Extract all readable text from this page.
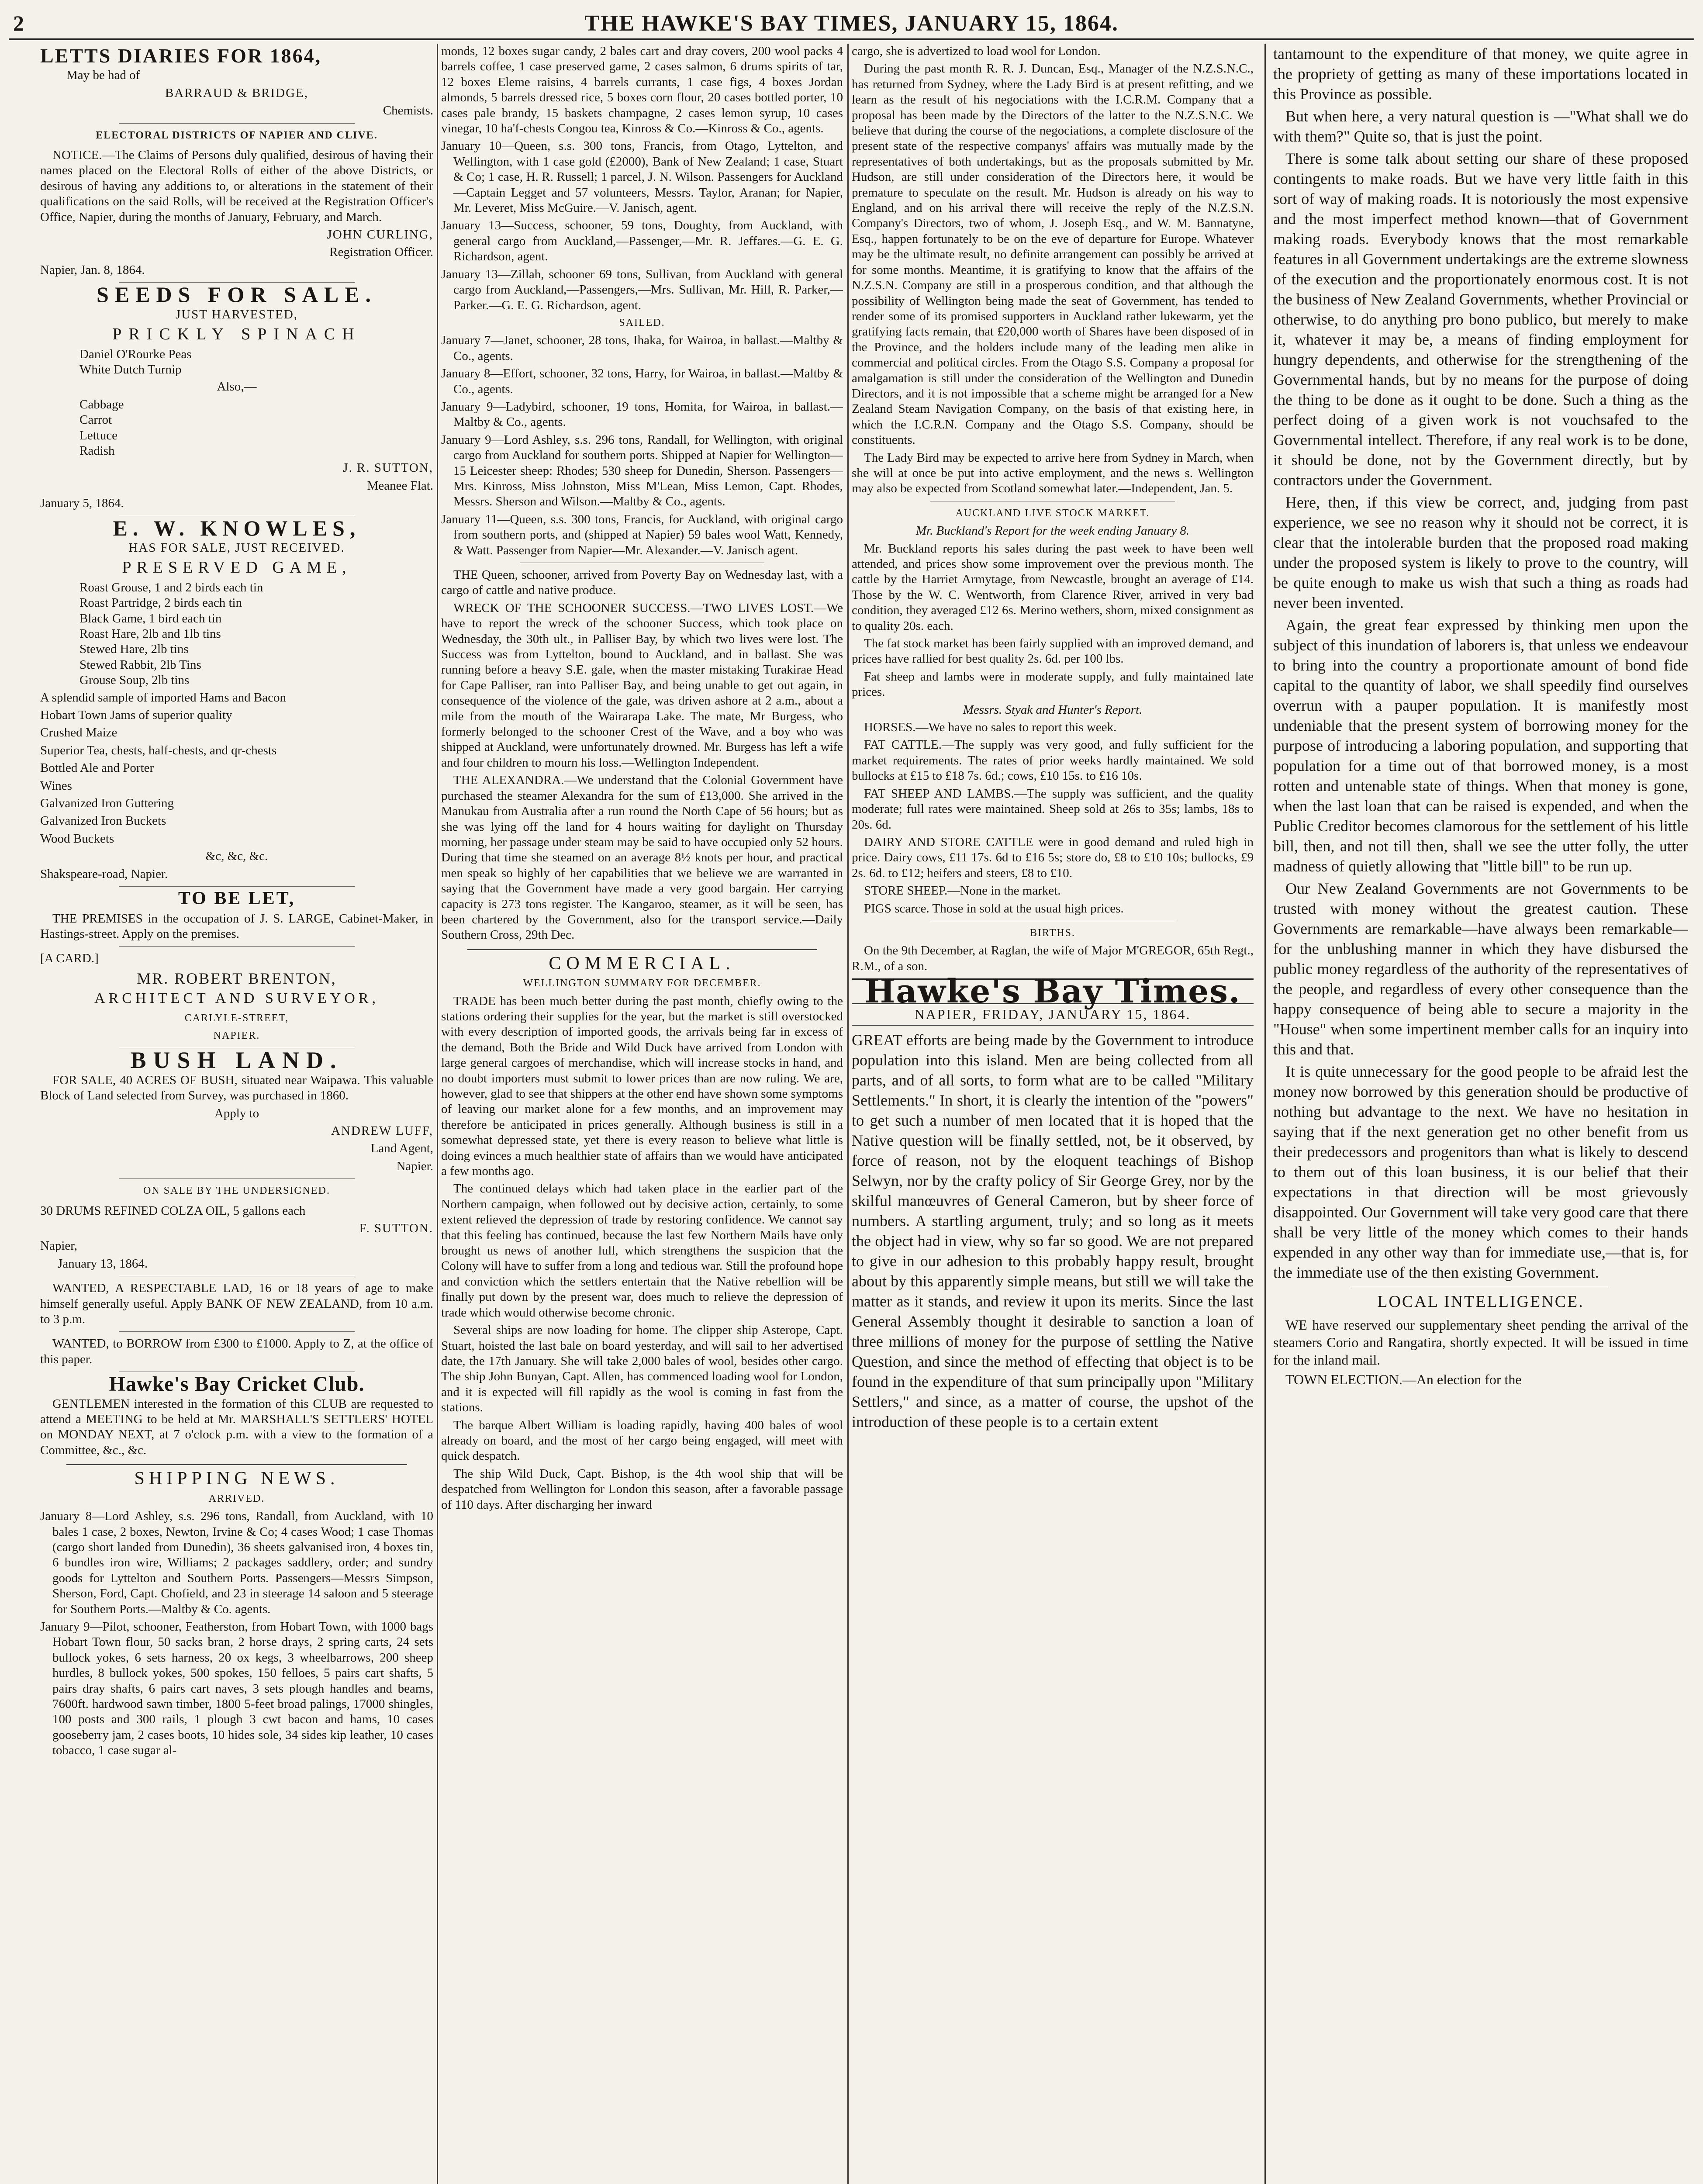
2	THE HAWKE'S BAY TIMES, JANUARY 15, 1864.
LETTS DIARIES FOR 1864,

May be had of

BARRAUD & BRIDGE,

Chemists.

ELECTORAL DISTRICTS OF NAPIER AND CLIVE.

NOTICE.—The Claims of Persons duly qualified, desirous of having their names placed on the Electoral Rolls of either of the above Districts, or desirous of having any additions to, or alterations in the statement of their qualifications on the said Rolls, will be received at the Registration Officer's Office, Napier, during the months of January, February, and March.

JOHN CURLING,

Registration Officer.

Napier, Jan. 8, 1864.

SEEDS FOR SALE.

JUST HARVESTED,

PRICKLY SPINACH
Daniel O'Rourke Peas
White Dutch Turnip

Also,—

Cabbage
Carrot
Lettuce
Radish

J. R. SUTTON,

Meanee Flat.

January 5, 1864.

E. W. KNOWLES,

HAS FOR SALE, JUST RECEIVED.

PRESERVED GAME,
Roast Grouse, 1 and 2 birds each tin
Roast Partridge, 2 birds each tin
Black Game, 1 bird each tin
Roast Hare, 2lb and 1lb tins
Stewed Hare, 2lb tins
Stewed Rabbit, 2lb Tins
Grouse Soup, 2lb tins

A splendid sample of imported Hams and Bacon

Hobart Town Jams of superior quality

Crushed Maize

Superior Tea, chests, half-chests, and qr-chests

Bottled Ale and Porter

Wines

Galvanized Iron Guttering

Galvanized Iron Buckets

Wood Buckets

&c, &c, &c.

Shakspeare-road, Napier.

TO BE LET,

THE PREMISES in the occupation of J. S. LARGE, Cabinet-Maker, in Hastings-street. Apply on the premises.

[A CARD.]

MR. ROBERT BRENTON,
ARCHITECT AND SURVEYOR,

CARLYLE-STREET,

NAPIER.

BUSH LAND.

FOR SALE, 40 ACRES OF BUSH, situated near Waipawa. This valuable Block of Land selected from Survey, was purchased in 1860.

Apply to

ANDREW LUFF,

Land Agent,

Napier.

ON SALE BY THE UNDERSIGNED.

30 DRUMS REFINED COLZA OIL, 5 gallons each

F. SUTTON.

Napier,

January 13, 1864.

WANTED, A RESPECTABLE LAD, 16 or 18 years of age to make himself generally useful. Apply BANK OF NEW ZEALAND, from 10 a.m. to 3 p.m.

WANTED, to BORROW from £300 to £1000. Apply to Z, at the office of this paper.

Hawke's Bay Cricket Club.

GENTLEMEN interested in the formation of this CLUB are requested to attend a MEETING to be held at Mr. MARSHALL'S SETTLERS' HOTEL on MONDAY NEXT, at 7 o'clock p.m. with a view to the formation of a Committee, &c., &c.

SHIPPING NEWS.

ARRIVED.

January 8—Lord Ashley, s.s. 296 tons, Randall, from Auckland, with 10 bales 1 case, 2 boxes, Newton, Irvine & Co; 4 cases Wood; 1 case Thomas (cargo short landed from Dunedin), 36 sheets galvanised iron, 4 boxes tin, 6 bundles iron wire, Williams; 2 packages saddlery, order; and sundry goods for Lyttelton and Southern Ports. Passengers—Messrs Simpson, Sherson, Ford, Capt. Chofield, and 23 in steerage 14 saloon and 5 steerage for Southern Ports.—Maltby & Co. agents.

January 9—Pilot, schooner, Featherston, from Hobart Town, with 1000 bags Hobart Town flour, 50 sacks bran, 2 horse drays, 2 spring carts, 24 sets bullock yokes, 6 sets harness, 20 ox kegs, 3 wheelbarrows, 200 sheep hurdles, 8 bullock yokes, 500 spokes, 150 felloes, 5 pairs cart shafts, 5 pairs dray shafts, 6 pairs cart naves, 3 sets plough handles and beams, 7600ft. hardwood sawn timber, 1800 5-feet broad palings, 17000 shingles, 100 posts and 300 rails, 1 plough 3 cwt bacon and hams, 10 cases gooseberry jam, 2 cases boots, 10 hides sole, 34 sides kip leather, 10 cases tobacco, 1 case sugar al-

monds, 12 boxes sugar candy, 2 bales cart and dray covers, 200 wool packs 4 barrels coffee, 1 case preserved game, 2 cases salmon, 6 drums spirits of tar, 12 boxes Eleme raisins, 4 barrels currants, 1 case figs, 4 boxes Jordan almonds, 5 barrels dressed rice, 5 boxes corn flour, 20 cases bottled porter, 10 cases pale brandy, 15 baskets champagne, 2 cases lemon syrup, 10 cases vinegar, 10 ha'f-chests Congou tea, Kinross & Co.—Kinross & Co., agents.

January 10—Queen, s.s. 300 tons, Francis, from Otago, Lyttelton, and Wellington, with 1 case gold (£2000), Bank of New Zealand; 1 case, Stuart & Co; 1 case, H. R. Russell; 1 parcel, J. N. Wilson. Passengers for Auckland—Captain Legget and 57 volunteers, Messrs. Taylor, Aranan; for Napier, Mr. Leveret, Miss McGuire.—V. Janisch, agent.

January 13—Success, schooner, 59 tons, Doughty, from Auckland, with general cargo from Auckland,—Passenger,—Mr. R. Jeffares.—G. E. G. Richardson, agent.

January 13—Zillah, schooner 69 tons, Sullivan, from Auckland with general cargo from Auckland,—Passengers,—Mrs. Sullivan, Mr. Hill, R. Parker,—Parker.—G. E. G. Richardson, agent.

SAILED.

January 7—Janet, schooner, 28 tons, Ihaka, for Wairoa, in ballast.—Maltby & Co., agents.

January 8—Effort, schooner, 32 tons, Harry, for Wairoa, in ballast.—Maltby & Co., agents.

January 9—Ladybird, schooner, 19 tons, Homita, for Wairoa, in ballast.—Maltby & Co., agents.

January 9—Lord Ashley, s.s. 296 tons, Randall, for Wellington, with original cargo from Auckland for southern ports. Shipped at Napier for Wellington—15 Leicester sheep: Rhodes; 530 sheep for Dunedin, Sherson. Passengers—Mrs. Kinross, Miss Johnston, Miss M'Lean, Miss Lemon, Capt. Rhodes, Messrs. Sherson and Wilson.—Maltby & Co., agents.

January 11—Queen, s.s. 300 tons, Francis, for Auckland, with original cargo from southern ports, and (shipped at Napier) 59 bales wool Watt, Kennedy, & Watt. Passenger from Napier—Mr. Alexander.—V. Janisch agent.

THE Queen, schooner, arrived from Poverty Bay on Wednesday last, with a cargo of cattle and native produce.

WRECK OF THE SCHOONER SUCCESS.—TWO LIVES LOST.—We have to report the wreck of the schooner Success, which took place on Wednesday, the 30th ult., in Palliser Bay, by which two lives were lost. The Success was from Lyttelton, bound to Auckland, and in ballast. She was running before a heavy S.E. gale, when the master mistaking Turakirae Head for Cape Palliser, ran into Palliser Bay, and being unable to get out again, in consequence of the violence of the gale, was driven ashore at 2 a.m., about a mile from the mouth of the Wairarapa Lake. The mate, Mr Burgess, who formerly belonged to the schooner Crest of the Wave, and a boy who was shipped at Auckland, were unfortunately drowned. Mr. Burgess has left a wife and four children to mourn his loss.—Wellington Independent.

THE ALEXANDRA.—We understand that the Colonial Government have purchased the steamer Alexandra for the sum of £13,000. She arrived in the Manukau from Australia after a run round the North Cape of 56 hours; but as she was lying off the land for 4 hours waiting for daylight on Thursday morning, her passage under steam may be said to have occupied only 52 hours. During that time she steamed on an average 8½ knots per hour, and practical men speak so highly of her capabilities that we believe we are warranted in saying that the Government have made a very good bargain. Her carrying capacity is 273 tons register. The Kangaroo, steamer, as it will be seen, has been chartered by the Government, also for the transport service.—Daily Southern Cross, 29th Dec.

COMMERCIAL.

WELLINGTON SUMMARY FOR DECEMBER.

TRADE has been much better during the past month, chiefly owing to the stations ordering their supplies for the year, but the market is still overstocked with every description of imported goods, the arrivals being far in excess of the demand, Both the Bride and Wild Duck have arrived from London with large general cargoes of merchandise, which will increase stocks in hand, and no doubt importers must submit to lower prices than are now ruling. We are, however, glad to see that shippers at the other end have shown some symptoms of leaving our market alone for a few months, and an improvement may therefore be anticipated in prices generally. Although business is still in a somewhat depressed state, yet there is every reason to believe what little is doing evinces a much healthier state of affairs than we would have anticipated a few months ago.

The continued delays which had taken place in the earlier part of the Northern campaign, when followed out by decisive action, certainly, to some extent relieved the depression of trade by restoring confidence. We cannot say that this feeling has continued, because the last few Northern Mails have only brought us news of another lull, which strengthens the suspicion that the Colony will have to suffer from a long and tedious war. Still the profound hope and conviction which the settlers entertain that the Native rebellion will be finally put down by the present war, does much to relieve the depression of trade which would otherwise become chronic.

Several ships are now loading for home. The clipper ship Asterope, Capt. Stuart, hoisted the last bale on board yesterday, and will sail to her advertised date, the 17th January. She will take 2,000 bales of wool, besides other cargo. The ship John Bunyan, Capt. Allen, has commenced loading wool for London, and it is expected will fill rapidly as the wool is coming in fast from the stations.

The barque Albert William is loading rapidly, having 400 bales of wool already on board, and the most of her cargo being engaged, will meet with quick despatch.

The ship Wild Duck, Capt. Bishop, is the 4th wool ship that will be despatched from Wellington for London this season, after a favorable passage of 110 days. After discharging her inward

cargo, she is advertized to load wool for London.

During the past month R. R. J. Duncan, Esq., Manager of the N.Z.S.N.C., has returned from Sydney, where the Lady Bird is at present refitting, and we learn as the result of his negociations with the I.C.R.M. Company that a proposal has been made by the Directors of the latter to the N.Z.S.N.C. We believe that during the course of the negociations, a complete disclosure of the present state of the respective companys' affairs was mutually made by the representatives of both undertakings, but as the proposals submitted by Mr. Hudson, are still under consideration of the Directors here, it would be premature to speculate on the result. Mr. Hudson is already on his way to England, and on his arrival there will receive the reply of the N.Z.S.N. Company's Directors, two of whom, J. Joseph Esq., and W. M. Bannatyne, Esq., happen fortunately to be on the eve of departure for Europe. Whatever may be the ultimate result, no definite arrangement can possibly be arrived at for some months. Meantime, it is gratifying to know that the affairs of the N.Z.S.N. Company are still in a prosperous condition, and that although the possibility of Wellington being made the seat of Government, has tended to render some of its promised supporters in Auckland rather lukewarm, yet the gratifying facts remain, that £20,000 worth of Shares have been disposed of in the Province, and the holders include many of the leading men alike in commercial and political circles. From the Otago S.S. Company a proposal for amalgamation is still under the consideration of the Wellington and Dunedin Directors, and it is not impossible that a scheme might be arranged for a New Zealand Steam Navigation Company, on the basis of that existing here, in which the I.C.R.N. Company and the Otago S.S. Company, should be constituents.

The Lady Bird may be expected to arrive here from Sydney in March, when she will at once be put into active employment, and the news s. Wellington may also be expected from Scotland somewhat later.—Independent, Jan. 5.

AUCKLAND LIVE STOCK MARKET.

Mr. Buckland's Report for the week ending January 8.

Mr. Buckland reports his sales during the past week to have been well attended, and prices show some improvement over the previous month. The cattle by the Harriet Armytage, from Newcastle, brought an average of £14. Those by the W. C. Wentworth, from Clarence River, arrived in very bad condition, they averaged £12 6s. Merino wethers, shorn, mixed consignment as to quality 20s. each.

The fat stock market has been fairly supplied with an improved demand, and prices have rallied for best quality 2s. 6d. per 100 lbs.

Fat sheep and lambs were in moderate supply, and fully maintained late prices.

Messrs. Styak and Hunter's Report.

HORSES.—We have no sales to report this week.

FAT CATTLE.—The supply was very good, and fully sufficient for the market requirements. The rates of prior weeks hardly maintained. We sold bullocks at £15 to £18 7s. 6d.; cows, £10 15s. to £16 10s.

FAT SHEEP AND LAMBS.—The supply was sufficient, and the quality moderate; full rates were maintained. Sheep sold at 26s to 35s; lambs, 18s to 20s. 6d.

DAIRY AND STORE CATTLE were in good demand and ruled high in price. Dairy cows, £11 17s. 6d to £16 5s; store do, £8 to £10 10s; bullocks, £9 2s. 6d. to £12; heifers and steers, £8 to £10.

STORE SHEEP.—None in the market.

PIGS scarce. Those in sold at the usual high prices.

BIRTHS.

On the 9th December, at Raglan, the wife of Major M'GREGOR, 65th Regt., R.M., of a son.

Hawke's Bay Times.
NAPIER, FRIDAY, JANUARY 15, 1864.

GREAT efforts are being made by the Government to introduce population into this island. Men are being collected from all parts, and of all sorts, to form what are to be called "Military Settlements." In short, it is clearly the intention of the "powers" to get such a number of men located that it is hoped that the Native question will be finally settled, not, be it observed, by force of reason, not by the eloquent teachings of Bishop Selwyn, nor by the crafty policy of Sir George Grey, nor by the skilful manœuvres of General Cameron, but by sheer force of numbers. A startling argument, truly; and so long as it meets the object had in view, why so far so good. We are not prepared to give in our adhesion to this probably happy result, brought about by this apparently simple means, but still we will take the matter as it stands, and review it upon its merits. Since the last General Assembly thought it desirable to sanction a loan of three millions of money for the purpose of settling the Native Question, and since the method of effecting that object is to be found in the expenditure of that sum principally upon "Military Settlers," and since, as a matter of course, the upshot of the introduction of these people is to a certain extent

tantamount to the expenditure of that money, we quite agree in the propriety of getting as many of these importations located in this Province as possible.

But when here, a very natural question is —"What shall we do with them?" Quite so, that is just the point.

There is some talk about setting our share of these proposed contingents to make roads. But we have very little faith in this sort of way of making roads. It is notoriously the most expensive and the most imperfect method known—that of Government making roads. Everybody knows that the most remarkable features in all Government undertakings are the extreme slowness of the execution and the proportionately enormous cost. It is not the business of New Zealand Governments, whether Provincial or otherwise, to do anything pro bono publico, but merely to make it, whatever it may be, a means of finding employment for hungry dependents, and otherwise for the strengthening of the Governmental hands, but by no means for the purpose of doing the thing to be done as it ought to be done. Such a thing as the perfect doing of a given work is not vouchsafed to the Governmental intellect. Therefore, if any real work is to be done, it should be done, not by the Government directly, but by contractors under the Government.

Here, then, if this view be correct, and, judging from past experience, we see no reason why it should not be correct, it is clear that the intolerable burden that the proposed road making under the proposed system is likely to prove to the country, will be quite enough to make us wish that such a thing as roads had never been invented.

Again, the great fear expressed by thinking men upon the subject of this inundation of laborers is, that unless we endeavour to bring into the country a proportionate amount of bond fide capital to the quantity of labor, we shall speedily find ourselves overrun with a pauper population. It is manifestly most undeniable that the present system of borrowing money for the purpose of introducing a laboring population, and supporting that population for a time out of that borrowed money, is a most rotten and untenable state of things. When that money is gone, when the last loan that can be raised is expended, and when the Public Creditor becomes clamorous for the settlement of his little bill, then, and not till then, shall we see the utter folly, the utter madness of quietly allowing that "little bill" to be run up.

Our New Zealand Governments are not Governments to be trusted with money without the greatest caution. These Governments are remarkable—have always been remarkable—for the unblushing manner in which they have disbursed the public money regardless of the authority of the representatives of the people, and regardless of every other consequence than the happy consequence of being able to secure a majority in the "House" when some impertinent member calls for an inquiry into this and that.

It is quite unnecessary for the good people to be afraid lest the money now borrowed by this generation should be productive of nothing but advantage to the next. We have no hesitation in saying that if the next generation get no other benefit from us their predecessors and progenitors than what is likely to descend to them out of this loan business, it is our belief that their expectations in that direction will be most grievously disappointed. Our Government will take very good care that there shall be very little of the money which comes to their hands expended in any other way than for immediate use,—that is, for the immediate use of the then existing Government.

LOCAL INTELLIGENCE.

WE have reserved our supplementary sheet pending the arrival of the steamers Corio and Rangatira, shortly expected. It will be issued in time for the inland mail.

TOWN ELECTION.—An election for the
